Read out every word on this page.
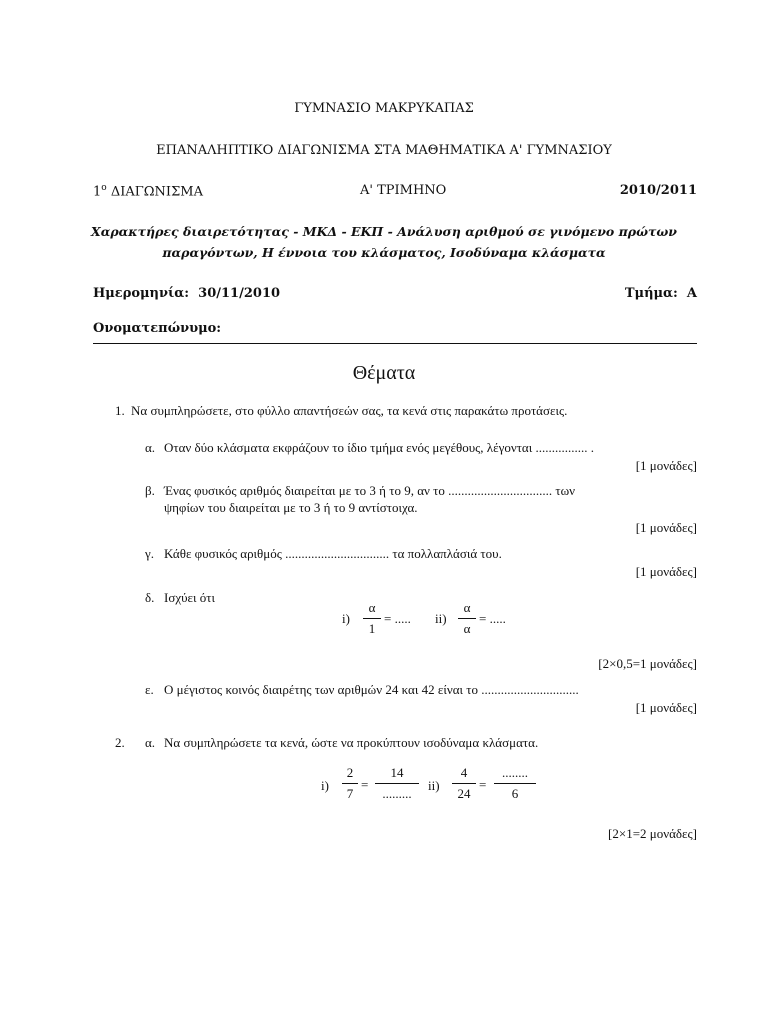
ΓΥΜΝΑΣΙΟ ΜΑΚΡΥΚΑΠΑΣ
ΕΠΑΝΑΛΗΠΤΙΚΟ ΔΙΑΓΩΝΙΣΜΑ ΣΤΑ ΜΑΘΗΜΑΤΙΚΑ Α' ΓΥΜΝΑΣΙΟΥ
$1^o$ ΔΙΑΓΩΝΙΣΜΑ	Α' ΤΡΙΜΗΝΟ	2010/2011
Χαρακτήρες διαιρετότητας - ΜΚΔ - ΕΚΠ - Ανάλυση αριθμού σε γινόμενο πρώτων
παραγόντων, Η έννοια του κλάσματος, Ισοδύναμα κλάσματα
Ημερομηνία: 30/11/2010	Τμήμα: Α
Ονοματεπώνυμο:
Θέματα
1. Να συμπληρώσετε, στο φύλλο απαντήσεών σας, τα κενά στις παρακάτω προτάσεις.
α. Οταν δύο κλάσματα εκφράζουν το ίδιο τμήμα ενός μεγέθους, λέγονται ................ .
[1 μονάδες]
β. Ένας φυσικός αριθμός διαιρείται με το 3 ή το 9, αν το ................................ των
ψηφίων του διαιρείται με το 3 ή το 9 αντίστοιχα.
[1 μονάδες]
γ. Κάθε φυσικός αριθμός ................................ τα πολλαπλάσιά του.
[1 μονάδες]
δ. Ισχύει ότι
i)
α
1
= ..... ii)
α
α
= .....
[2×0,5=1 μονάδες]
ε. Ο μέγιστος κοινός διαιρέτης των αριθμών 24 και 42 είναι το ..............................
[1 μονάδες]
2. α. Να συμπληρώσετε τα κενά, ώστε να προκύπτουν ισοδύναμα κλάσματα.
i)
2
7
=
14
.........
ii)
4
24
=
........
6
[2×1=2 μονάδες]
